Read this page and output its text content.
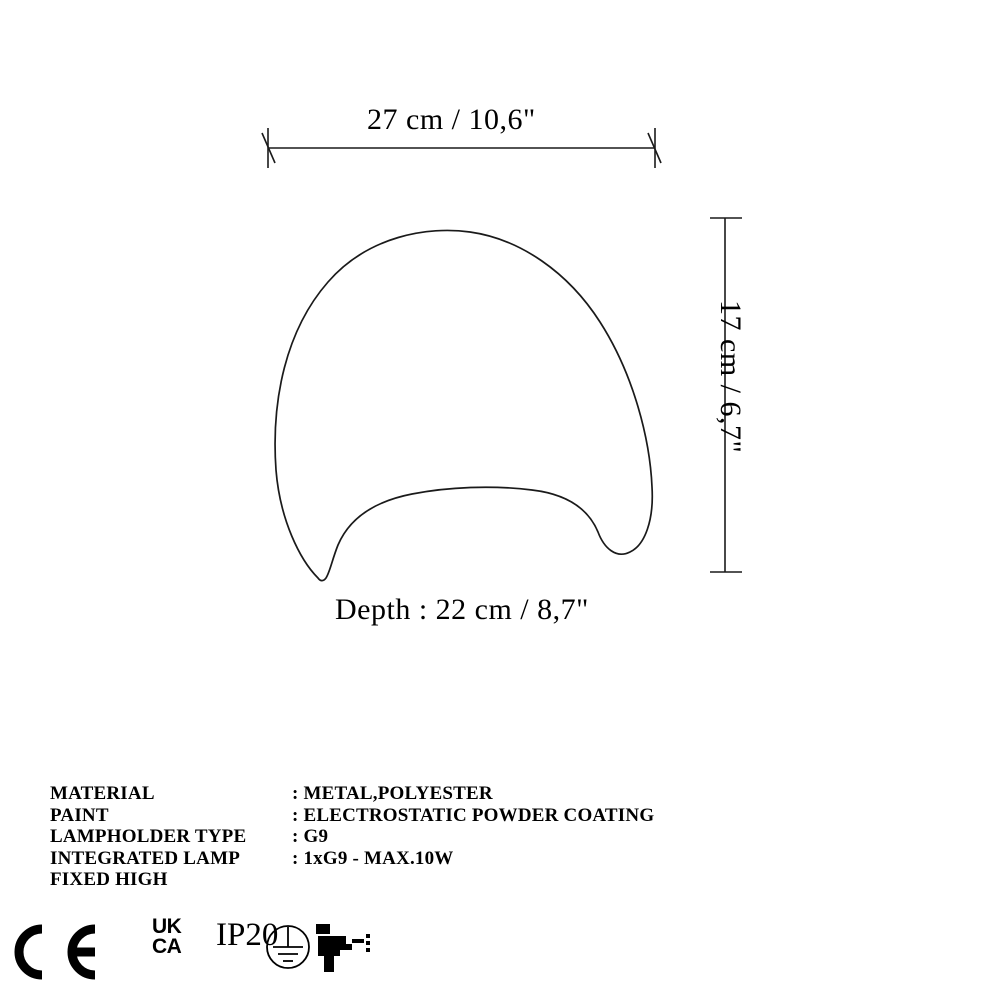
27 cm / 10,6"
17 cm / 6,7"
Depth : 22 cm / 8,7"
MATERIAL	: METAL,POLYESTER
PAINT	: ELECTROSTATIC POWDER COATING
LAMPHOLDER TYPE	: G9
INTEGRATED LAMP	: 1xG9 - MAX.10W
FIXED HIGH	
UK
CA IP20
